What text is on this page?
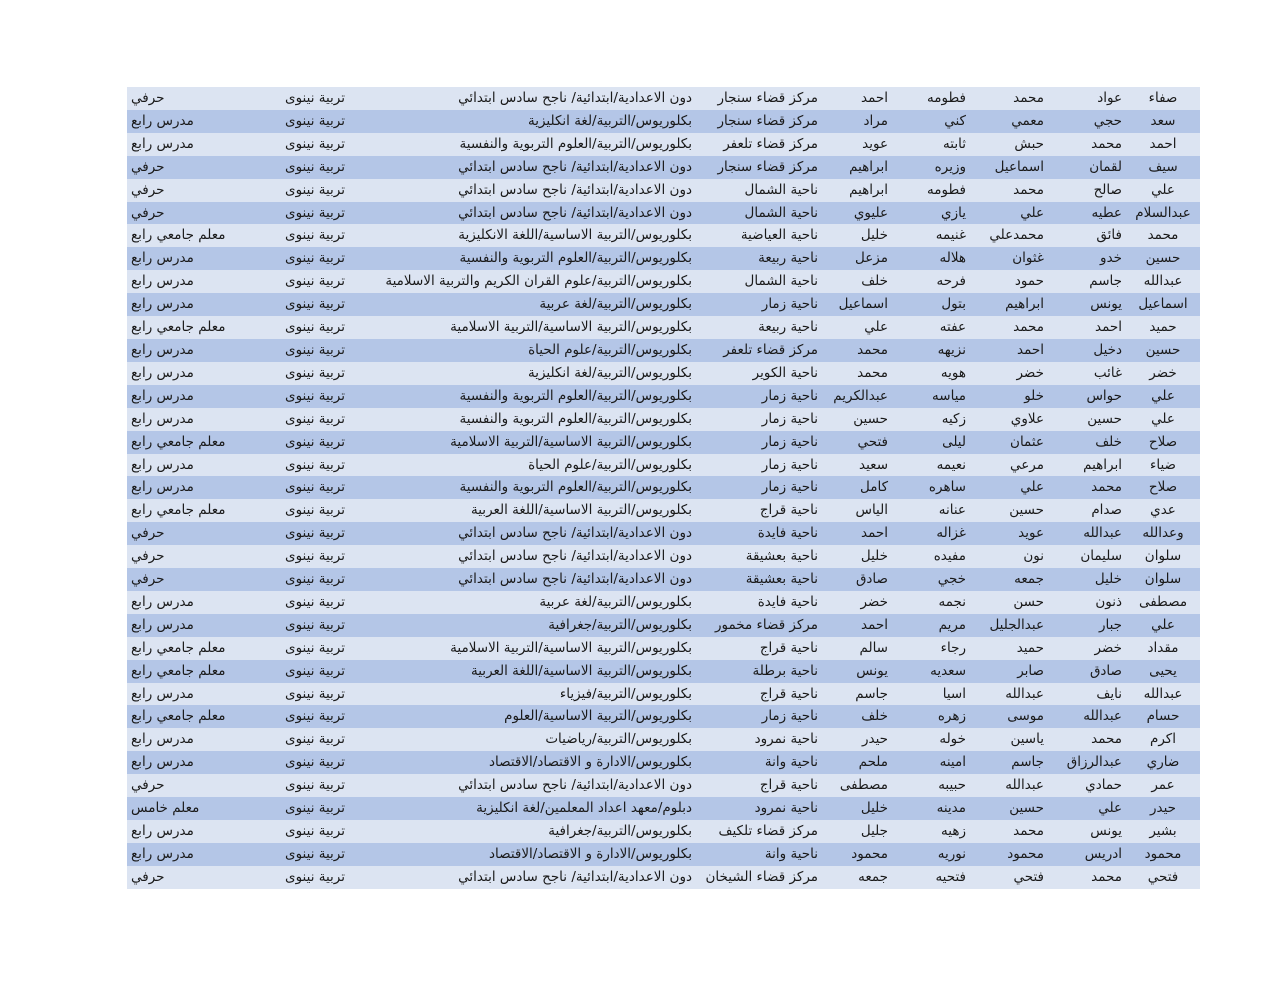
صفاء	عواد	محمد	فطومه	احمد	مركز قضاء سنجار	دون الاعدادية/ابتدائية/ ناجح سادس ابتدائي	تربية نينوى	حرفي
سعد	حجي	معمي	كني	مراد	مركز قضاء سنجار	بكلوريوس/التربية/لغة انكليزية	تربية نينوى	مدرس رابع
احمد	محمد	حبش	ثابته	عويد	مركز قضاء تلعفر	بكلوريوس/التربية/العلوم التربوية والنفسية	تربية نينوى	مدرس رابع
سيف	لقمان	اسماعيل	وزيره	ابراهيم	مركز قضاء سنجار	دون الاعدادية/ابتدائية/ ناجح سادس ابتدائي	تربية نينوى	حرفي
علي	صالح	محمد	فطومه	ابراهيم	ناحية الشمال	دون الاعدادية/ابتدائية/ ناجح سادس ابتدائي	تربية نينوى	حرفي
عبدالسلام	عطيه	علي	يازي	عليوي	ناحية الشمال	دون الاعدادية/ابتدائية/ ناجح سادس ابتدائي	تربية نينوى	حرفي
محمد	فائق	محمدعلي	غنيمه	خليل	ناحية العياضية	بكلوريوس/التربية الاساسية/اللغة الانكليزية	تربية نينوى	معلم جامعي رابع
حسين	خدو	غثوان	هلاله	مزعل	ناحية ربيعة	بكلوريوس/التربية/العلوم التربوية والنفسية	تربية نينوى	مدرس رابع
عبدالله	جاسم	حمود	فرحه	خلف	ناحية الشمال	بكلوريوس/التربية/علوم القران الكريم والتربية الاسلامية	تربية نينوى	مدرس رابع
اسماعيل	يونس	ابراهيم	بتول	اسماعيل	ناحية زمار	بكلوريوس/التربية/لغة عربية	تربية نينوى	مدرس رابع
حميد	احمد	محمد	عفته	علي	ناحية ربيعة	بكلوريوس/التربية الاساسية/التربية الاسلامية	تربية نينوى	معلم جامعي رابع
حسين	دخيل	احمد	نزيهه	محمد	مركز قضاء تلعفر	بكلوريوس/التربية/علوم الحياة	تربية نينوى	مدرس رابع
خضر	غائب	خضر	هويه	محمد	ناحية الكوير	بكلوريوس/التربية/لغة انكليزية	تربية نينوى	مدرس رابع
علي	حواس	خلو	مياسه	عبدالكريم	ناحية زمار	بكلوريوس/التربية/العلوم التربوية والنفسية	تربية نينوى	مدرس رابع
علي	حسين	علاوي	زكيه	حسين	ناحية زمار	بكلوريوس/التربية/العلوم التربوية والنفسية	تربية نينوى	مدرس رابع
صلاح	خلف	عثمان	ليلى	فتحي	ناحية زمار	بكلوريوس/التربية الاساسية/التربية الاسلامية	تربية نينوى	معلم جامعي رابع
ضياء	ابراهيم	مرعي	نعيمه	سعيد	ناحية زمار	بكلوريوس/التربية/علوم الحياة	تربية نينوى	مدرس رابع
صلاح	محمد	علي	ساهره	كامل	ناحية زمار	بكلوريوس/التربية/العلوم التربوية والنفسية	تربية نينوى	مدرس رابع
عدي	صدام	حسين	عنانه	الياس	ناحية قراج	بكلوريوس/التربية الاساسية/اللغة العربية	تربية نينوى	معلم جامعي رابع
وعدالله	عبدالله	عويد	غزاله	احمد	ناحية فايدة	دون الاعدادية/ابتدائية/ ناجح سادس ابتدائي	تربية نينوى	حرفي
سلوان	سليمان	نون	مفيده	خليل	ناحية بعشيقة	دون الاعدادية/ابتدائية/ ناجح سادس ابتدائي	تربية نينوى	حرفي
سلوان	خليل	جمعه	خجي	صادق	ناحية بعشيقة	دون الاعدادية/ابتدائية/ ناجح سادس ابتدائي	تربية نينوى	حرفي
مصطفى	ذنون	حسن	نجمه	خضر	ناحية فايدة	بكلوريوس/التربية/لغة عربية	تربية نينوى	مدرس رابع
علي	جبار	عبدالجليل	مريم	احمد	مركز قضاء مخمور	بكلوريوس/التربية/جغرافية	تربية نينوى	مدرس رابع
مقداد	خضر	حميد	رجاء	سالم	ناحية قراج	بكلوريوس/التربية الاساسية/التربية الاسلامية	تربية نينوى	معلم جامعي رابع
يحيى	صادق	صابر	سعديه	يونس	ناحية برطلة	بكلوريوس/التربية الاساسية/اللغة العربية	تربية نينوى	معلم جامعي رابع
عبدالله	نايف	عبدالله	اسيا	جاسم	ناحية قراج	بكلوريوس/التربية/فيزياء	تربية نينوى	مدرس رابع
حسام	عبدالله	موسى	زهره	خلف	ناحية زمار	بكلوريوس/التربية الاساسية/العلوم	تربية نينوى	معلم جامعي رابع
اكرم	محمد	ياسين	خوله	حيدر	ناحية نمرود	بكلوريوس/التربية/رياضيات	تربية نينوى	مدرس رابع
ضاري	عبدالرزاق	جاسم	امينه	ملحم	ناحية وانة	بكلوريوس/الادارة و الاقتصاد/الاقتصاد	تربية نينوى	مدرس رابع
عمر	حمادي	عبدالله	حبيبه	مصطفى	ناحية قراج	دون الاعدادية/ابتدائية/ ناجح سادس ابتدائي	تربية نينوى	حرفي
حيدر	علي	حسين	مدينه	خليل	ناحية نمرود	دبلوم/معهد اعداد المعلمين/لغة انكليزية	تربية نينوى	معلم خامس
بشير	يونس	محمد	زهيه	جليل	مركز قضاء تلكيف	بكلوريوس/التربية/جغرافية	تربية نينوى	مدرس رابع
محمود	ادريس	محمود	نوريه	محمود	ناحية وانة	بكلوريوس/الادارة و الاقتصاد/الاقتصاد	تربية نينوى	مدرس رابع
فتحي	محمد	فتحي	فتحيه	جمعه	مركز قضاء الشيخان	دون الاعدادية/ابتدائية/ ناجح سادس ابتدائي	تربية نينوى	حرفي
